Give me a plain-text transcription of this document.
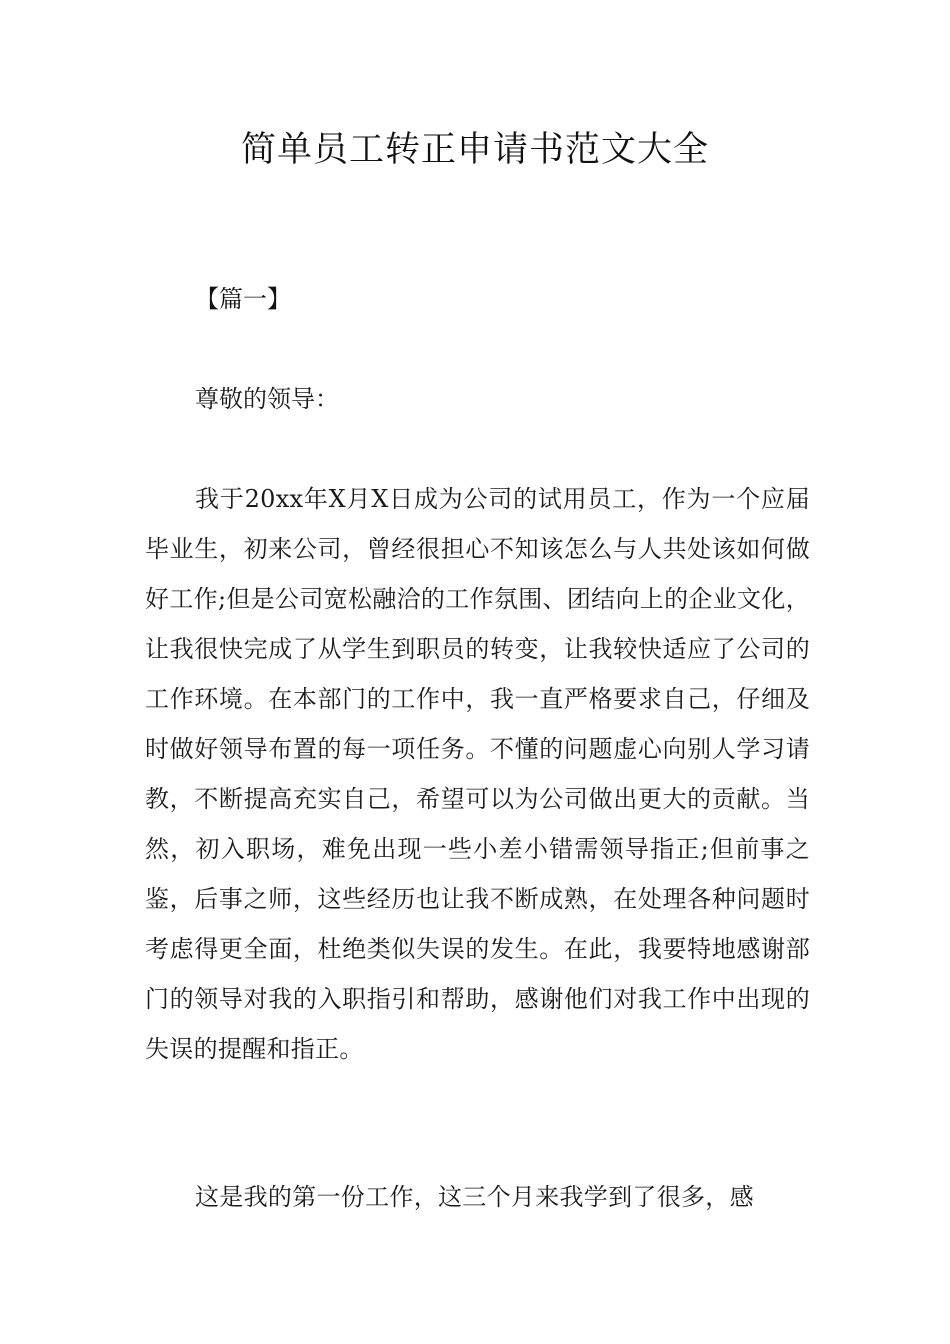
简单员工转正申请书范文大全
【篇一】
尊敬的领导：

我于20xx年X月X日成为公司的试用员工，作为一个应届毕业生，初来公司，曾经很担心不知该怎么与人共处该如何做好工作;但是公司宽松融洽的工作氛围、团结向上的企业文化，让我很快完成了从学生到职员的转变，让我较快适应了公司的工作环境。在本部门的工作中，我一直严格要求自己，仔细及时做好领导布置的每一项任务。不懂的问题虚心向别人学习请教，不断提高充实自己，希望可以为公司做出更大的贡献。当然，初入职场，难免出现一些小差小错需领导指正;但前事之鉴，后事之师，这些经历也让我不断成熟，在处理各种问题时考虑得更全面，杜绝类似失误的发生。在此，我要特地感谢部门的领导对我的入职指引和帮助，感谢他们对我工作中出现的失误的提醒和指正。

这是我的第一份工作，这三个月来我学到了很多，感
